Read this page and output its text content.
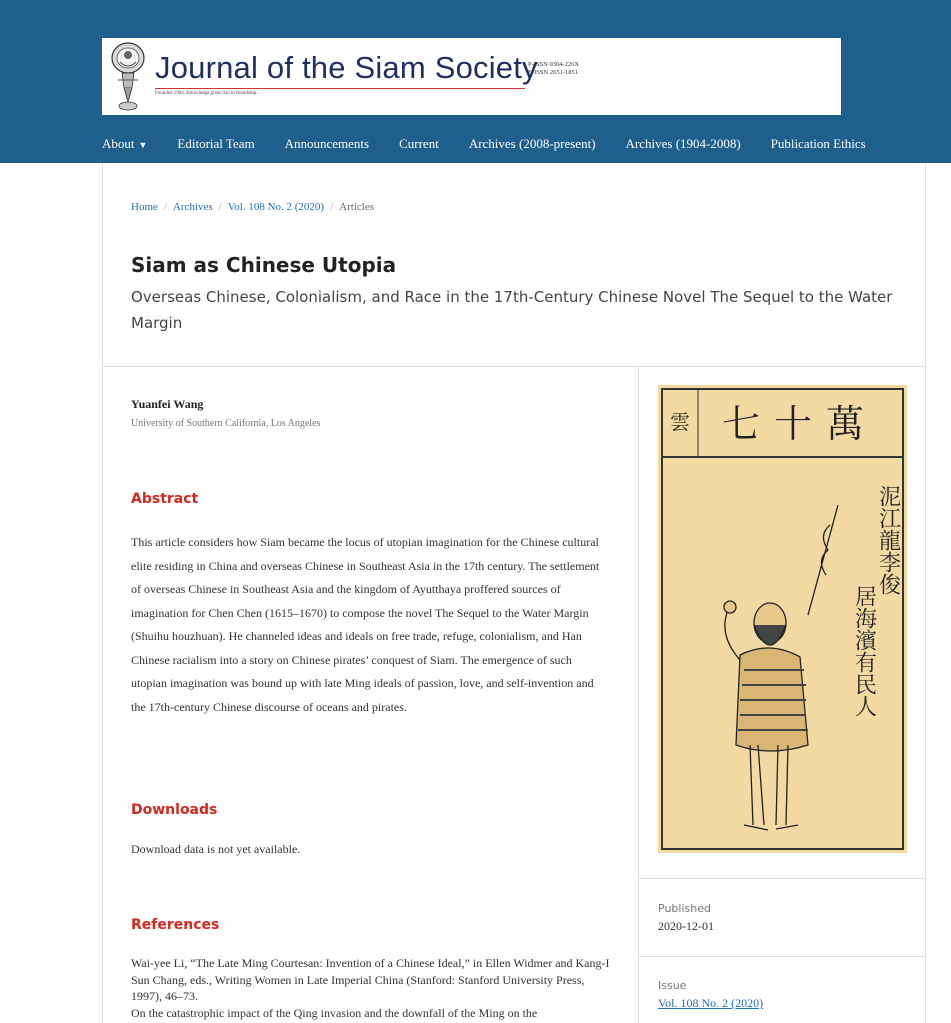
Journal of the Siam Society
Founded 1904. Knowledge gives rise to friendship.
P-ISSN 0304-226X
E-ISSN 2651-1851
About ▼ Editorial Team Announcements Current Archives (2008-present) Archives (1904-2008) Publication Ethics
Home / Archives / Vol. 108 No. 2 (2020) / Articles
Siam as Chinese Utopia
Overseas Chinese, Colonialism, and Race in the 17th-Century Chinese Novel The Sequel to the Water Margin
Yuanfei Wang
University of Southern California, Los Angeles
Abstract
This article considers how Siam became the locus of utopian imagination for the Chinese cultural elite residing in China and overseas Chinese in Southeast Asia in the 17th century. The settlement of overseas Chinese in Southeast Asia and the kingdom of Ayutthaya proffered sources of imagination for Chen Chen (1615–1670) to compose the novel The Sequel to the Water Margin (Shuihu houzhuan). He channeled ideas and ideals on free trade, refuge, colonialism, and Han Chinese racialism into a story on Chinese pirates’ conquest of Siam. The emergence of such utopian imagination was bound up with late Ming ideals of passion, love, and self-invention and the 17th-century Chinese discourse of oceans and pirates.
Downloads
Download data is not yet available.
References
Wai-yee Li, “The Late Ming Courtesan: Invention of a Chinese Ideal,” in Ellen Widmer and Kang-I Sun Chang, eds., Writing Women in Late Imperial China (Stanford: Stanford University Press, 1997), 46–73.
On the catastrophic impact of the Qing invasion and the downfall of the Ming on the
七十萬
雲
泥江龍李俊
居海濱有民人
Published
2020-12-01
Issue
Vol. 108 No. 2 (2020)
